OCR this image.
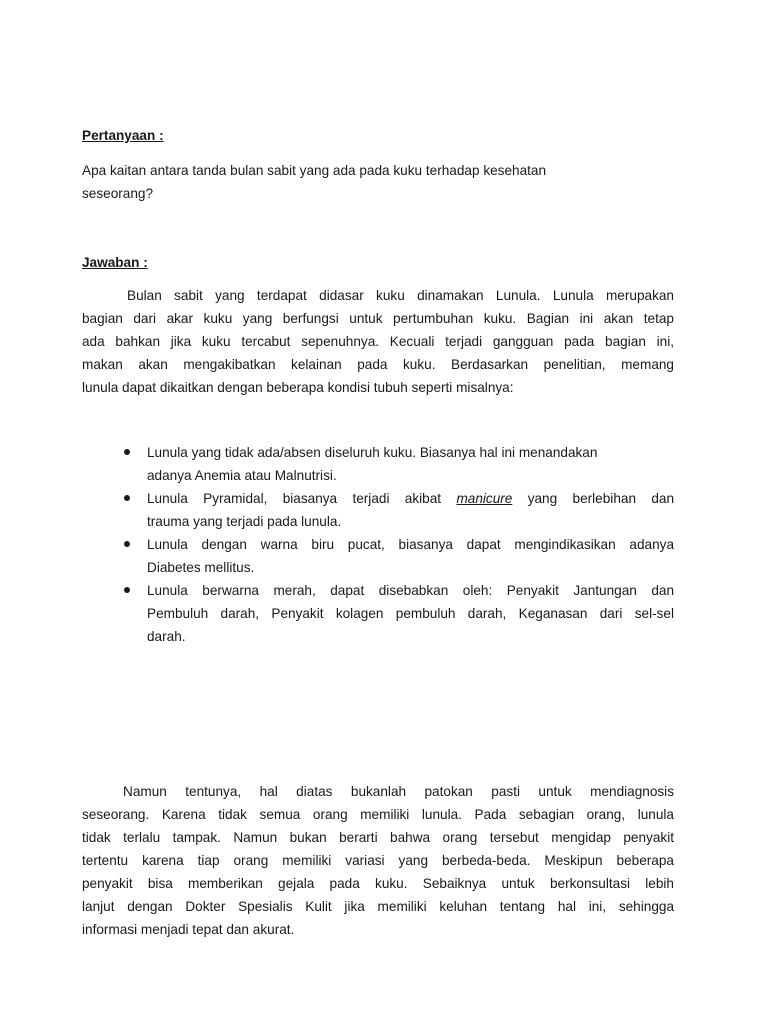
Pertanyaan :
Apa kaitan antara tanda bulan sabit yang ada pada kuku terhadap kesehatan
seseorang?
Jawaban :
Bulan sabit yang terdapat didasar kuku dinamakan Lunula. Lunula merupakan
bagian dari akar kuku yang berfungsi untuk pertumbuhan kuku. Bagian ini akan tetap
ada bahkan jika kuku tercabut sepenuhnya. Kecuali terjadi gangguan pada bagian ini,
makan akan mengakibatkan kelainan pada kuku. Berdasarkan penelitian, memang
lunula dapat dikaitkan dengan beberapa kondisi tubuh seperti misalnya:
Lunula yang tidak ada/absen diseluruh kuku. Biasanya hal ini menandakan
adanya Anemia atau Malnutrisi.
Lunula Pyramidal, biasanya terjadi akibat manicure yang berlebihan dan
trauma yang terjadi pada lunula.
Lunula dengan warna biru pucat, biasanya dapat mengindikasikan adanya
Diabetes mellitus.
Lunula berwarna merah, dapat disebabkan oleh: Penyakit Jantungan dan
Pembuluh darah, Penyakit kolagen pembuluh darah, Keganasan dari sel-sel
darah.
Namun tentunya, hal diatas bukanlah patokan pasti untuk mendiagnosis
seseorang. Karena tidak semua orang memiliki lunula. Pada sebagian orang, lunula
tidak terlalu tampak. Namun bukan berarti bahwa orang tersebut mengidap penyakit
tertentu karena tiap orang memiliki variasi yang berbeda-beda. Meskipun beberapa
penyakit bisa memberikan gejala pada kuku. Sebaiknya untuk berkonsultasi lebih
lanjut dengan Dokter Spesialis Kulit jika memiliki keluhan tentang hal ini, sehingga
informasi menjadi tepat dan akurat.
